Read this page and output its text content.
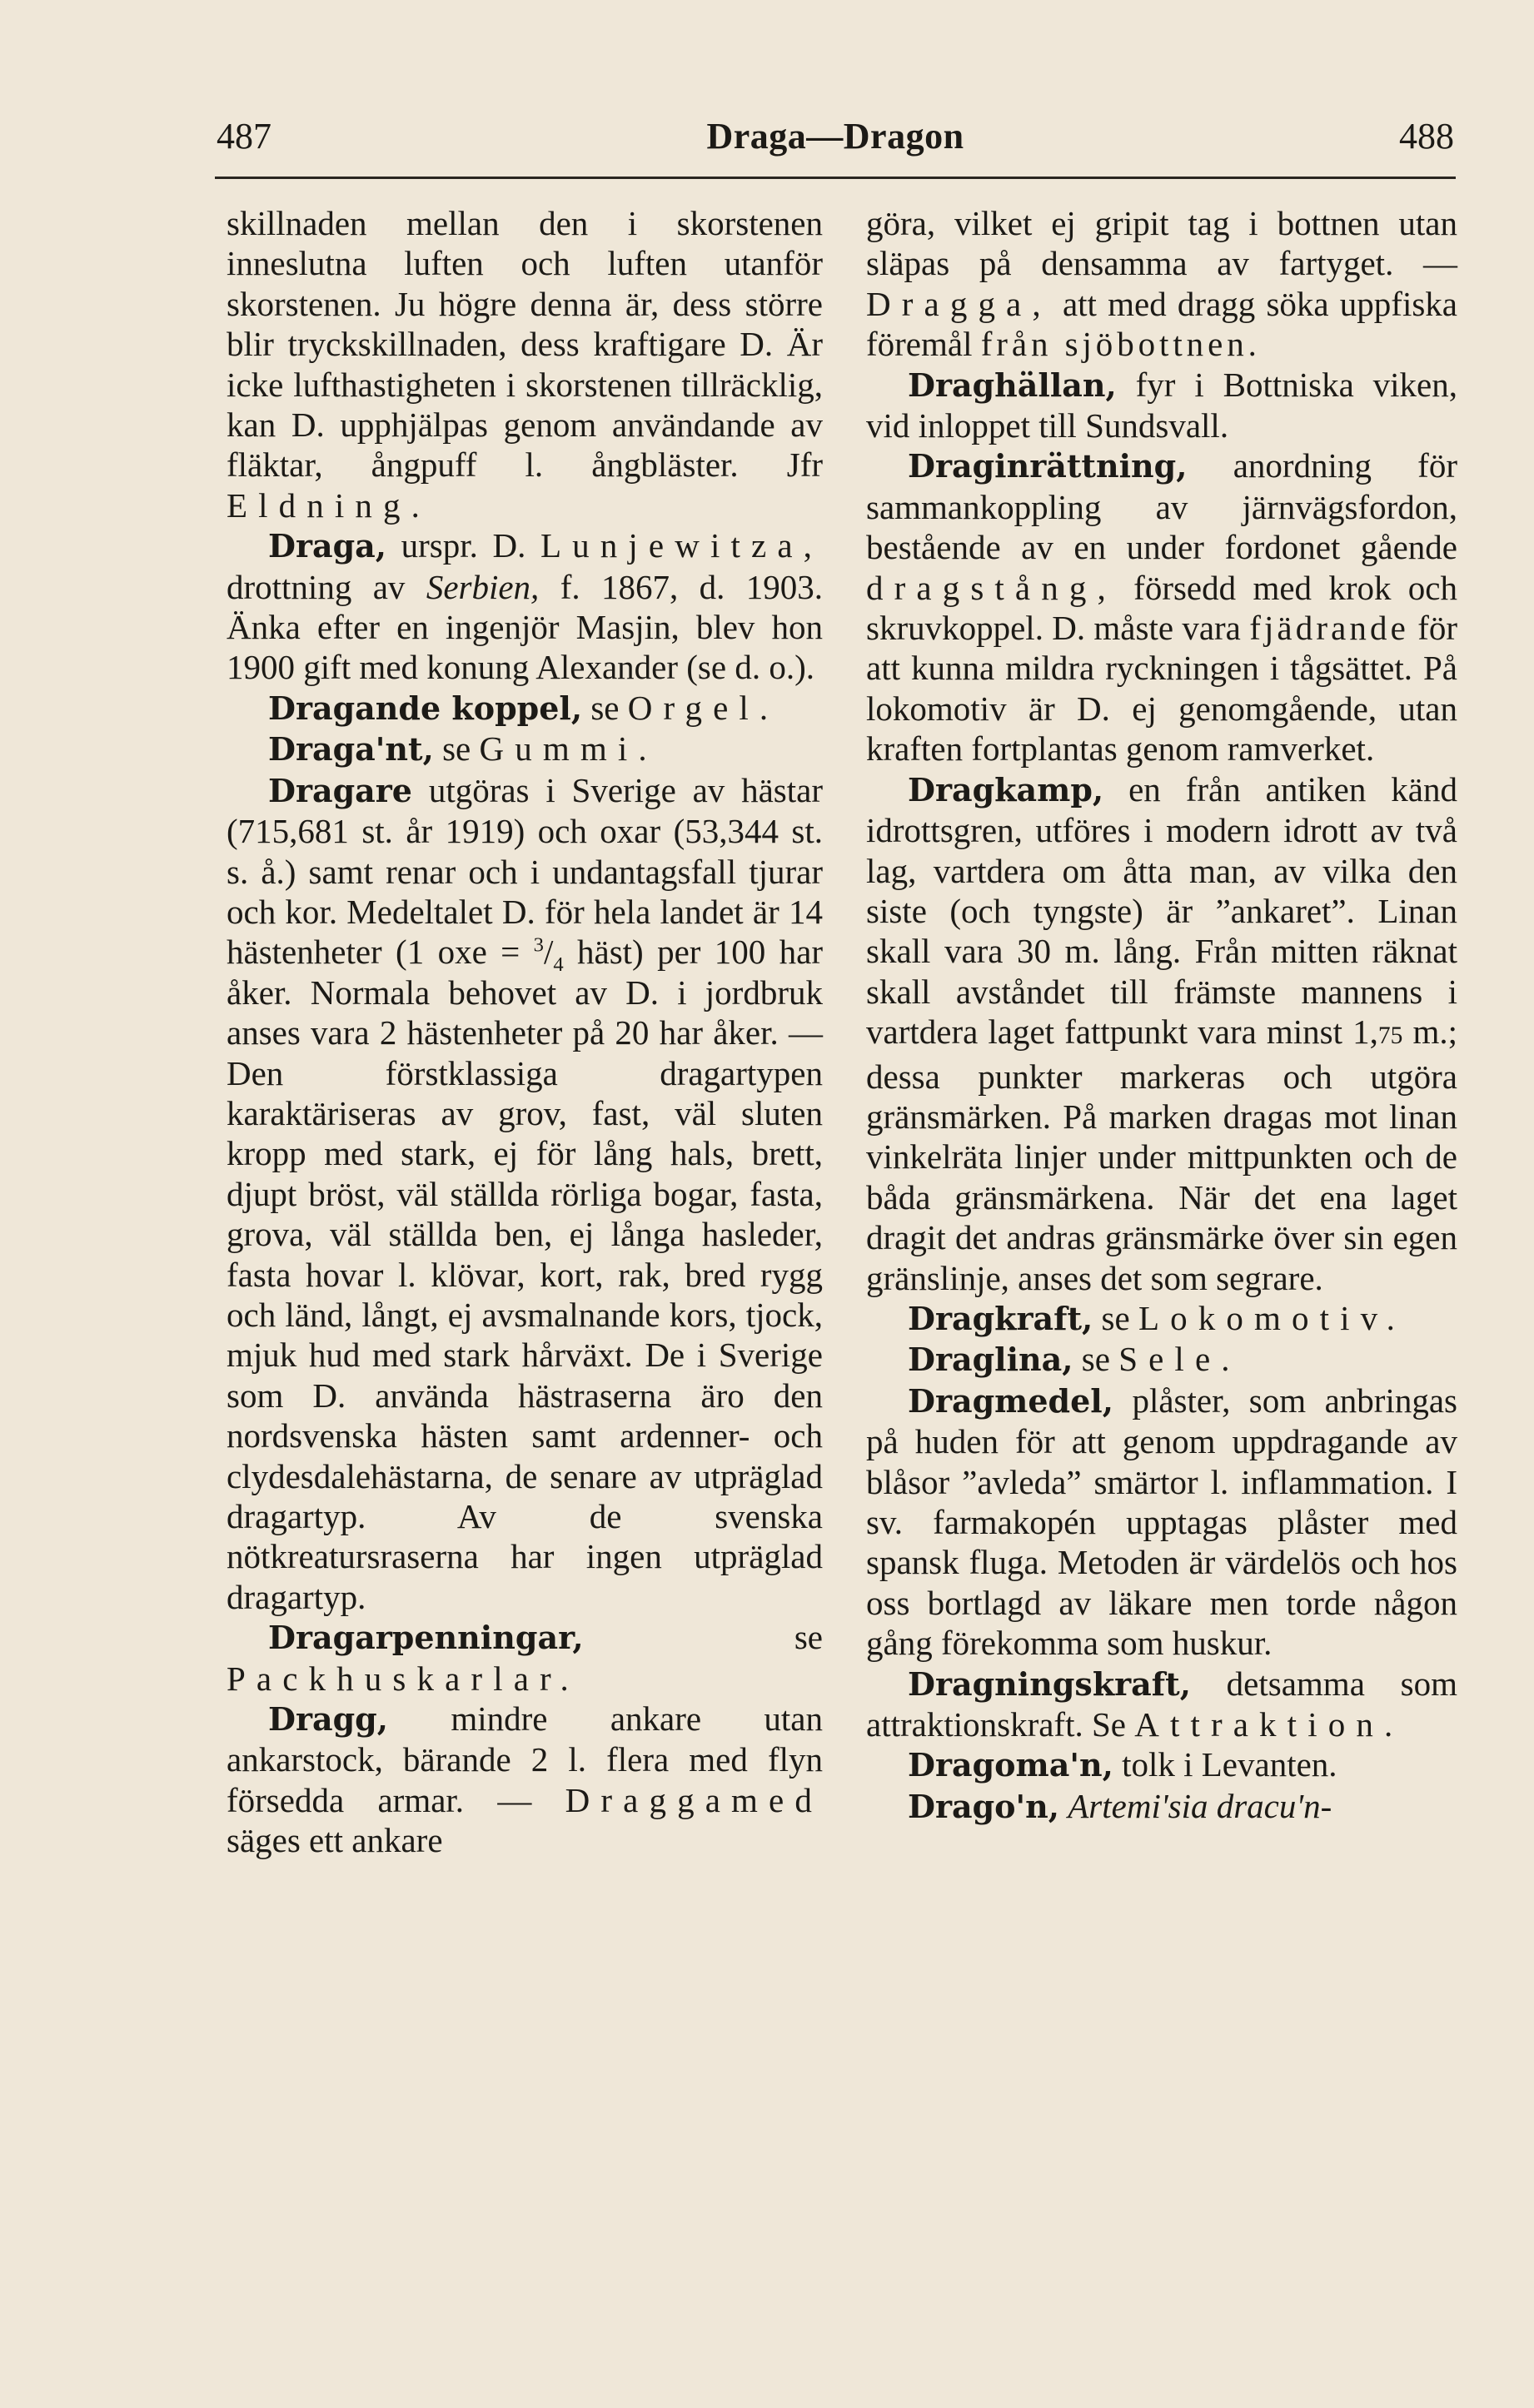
487	Draga—Dragon	488

skillnaden mellan den i skorstenen inneslutna luften och luften utanför skorstenen. Ju högre denna är, dess större blir tryckskillnaden, dess kraftigare D. Är icke lufthastigheten i skorstenen tillräcklig, kan D. upphjälpas genom användande av fläktar, ångpuff l. ångbläster. Jfr Eldning.

Draga, urspr. D. Lunjewitza, drottning av Serbien, f. 1867, d. 1903. Änka efter en ingenjör Masjin, blev hon 1900 gift med konung Alexander (se d. o.).

Dragande koppel, se Orgel.

Draga'nt, se Gummi.

Dragare utgöras i Sverige av hästar (715,681 st. år 1919) och oxar (53,344 st. s. å.) samt renar och i undantagsfall tjurar och kor. Medeltalet D. för hela landet är 14 hästenheter (1 oxe = $^3/_4$ häst) per 100 har åker. Normala behovet av D. i jordbruk anses vara 2 hästenheter på 20 har åker. — Den förstklassiga dragartypen karaktäriseras av grov, fast, väl sluten kropp med stark, ej för lång hals, brett, djupt bröst, väl ställda rörliga bogar, fasta, grova, väl ställda ben, ej långa hasleder, fasta hovar l. klövar, kort, rak, bred rygg och länd, långt, ej avsmalnande kors, tjock, mjuk hud med stark hårväxt. De i Sverige som D. använda hästraserna äro den nordsvenska hästen samt ardenner- och clydesdalehästarna, de senare av utpräglad dragartyp. Av de svenska nötkreatursraserna har ingen utpräglad dragartyp.

Dragarpenningar,	se Packhuskarlar.

Dragg, mindre ankare utan ankarstock, bärande 2 l. flera med flyn försedda armar. — Draggamed säges ett ankare

göra, vilket ej gripit tag i bottnen utan släpas på densamma av fartyget. — Dragga, att med dragg söka uppfiska föremål från sjöbottnen.

Draghällan, fyr i Bottniska viken, vid inloppet till Sundsvall.

Draginrättning, anordning för sammankoppling av järnvägsfordon, bestående av en under fordonet gående dragstång, försedd med krok och skruvkoppel. D. måste vara fjädrande för att kunna mildra ryckningen i tågsättet. På lokomotiv är D. ej genomgående, utan kraften fortplantas genom ramverket.

Dragkamp, en från antiken känd idrottsgren, utföres i modern idrott av två lag, vartdera om åtta man, av vilka den siste (och tyngste) är ”ankaret”. Linan skall vara 30 m. lång. Från mitten räknat skall avståndet till främste mannens i vartdera laget fattpunkt vara minst 1,75 m.; dessa punkter markeras och utgöra gränsmärken. På marken dragas mot linan vinkelräta linjer under mittpunkten och de båda gränsmärkena. När det ena laget dragit det andras gränsmärke över sin egen gränslinje, anses det som segrare.

Dragkraft, se Lokomotiv.

Draglina, se Sele.

Dragmedel, plåster, som anbringas på huden för att genom uppdragande av blåsor ”avleda” smärtor l. inflammation. I sv. farmakopén upptagas plåster med spansk fluga. Metoden är värdelös och hos oss bortlagd av läkare men torde någon gång förekomma som huskur.

Dragningskraft, detsamma som attraktionskraft. Se Attraktion.

Dragoma'n, tolk i Levanten.

Drago'n, Artemi'sia dracu'n-
